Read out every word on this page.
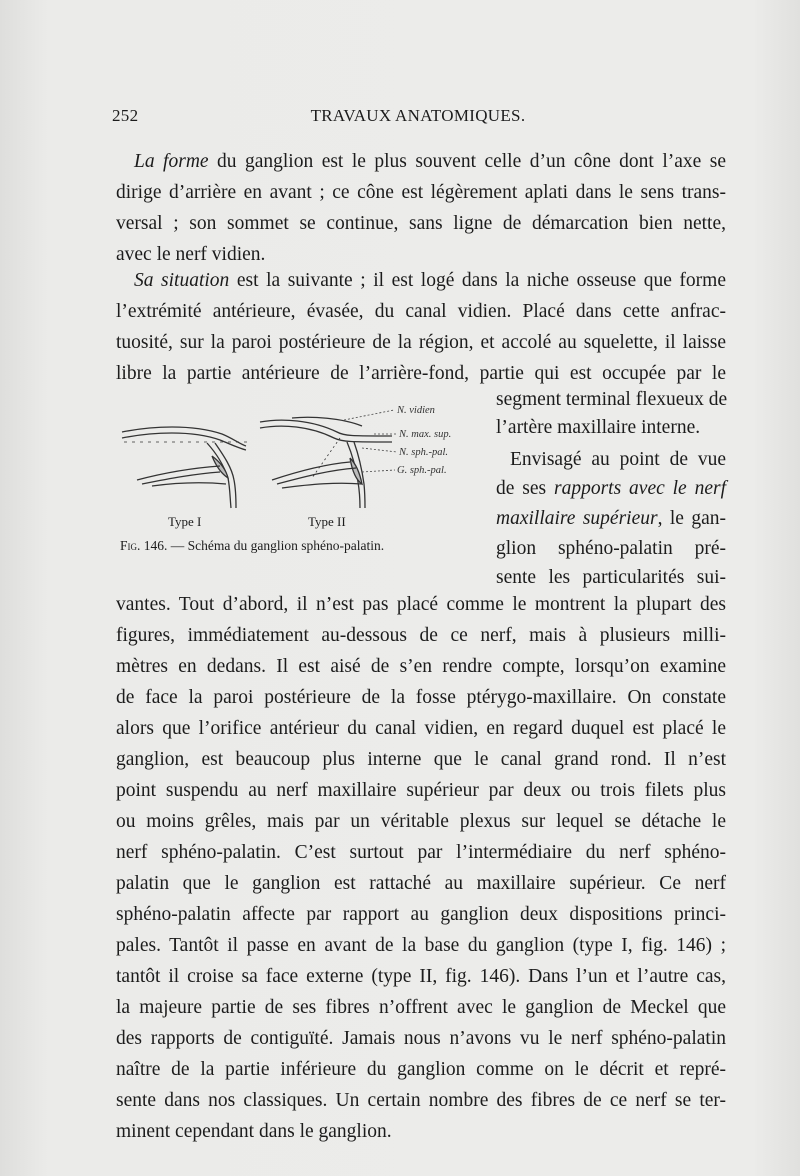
252	TRAVAUX ANATOMIQUES.
La forme du ganglion est le plus souvent celle d’un cône dont l’axe se
dirige d’arrière en avant ; ce cône est légèrement aplati dans le sens trans-
versal ; son sommet se continue, sans ligne de démarcation bien nette,
avec le nerf vidien.
Sa situation est la suivante ; il est logé dans la niche osseuse que forme
l’extrémité antérieure, évasée, du canal vidien. Placé dans cette anfrac-
tuosité, sur la paroi postérieure de la région, et accolé au squelette, il laisse
libre la partie antérieure de l’arrière-fond, partie qui est occupée par le
segment terminal flexueux de
l’artère maxillaire interne.
Envisagé au point de vue
de ses rapports avec le nerf
maxillaire supérieur, le gan-
glion sphéno-palatin pré-
sente les particularités sui-
N. vidien
N. max. sup.
N. sph.-pal.
G. sph.-pal.
Type I	Type II
Fig. 146. — Schéma du ganglion sphéno-palatin.
vantes. Tout d’abord, il n’est pas placé comme le montrent la plupart des
figures, immédiatement au-dessous de ce nerf, mais à plusieurs milli-
mètres en dedans. Il est aisé de s’en rendre compte, lorsqu’on examine
de face la paroi postérieure de la fosse ptérygo-maxillaire. On constate
alors que l’orifice antérieur du canal vidien, en regard duquel est placé le
ganglion, est beaucoup plus interne que le canal grand rond. Il n’est
point suspendu au nerf maxillaire supérieur par deux ou trois filets plus
ou moins grêles, mais par un véritable plexus sur lequel se détache le
nerf sphéno-palatin. C’est surtout par l’intermédiaire du nerf sphéno-
palatin que le ganglion est rattaché au maxillaire supérieur. Ce nerf
sphéno-palatin affecte par rapport au ganglion deux dispositions princi-
pales. Tantôt il passe en avant de la base du ganglion (type I, fig. 146) ;
tantôt il croise sa face externe (type II, fig. 146). Dans l’un et l’autre cas,
la majeure partie de ses fibres n’offrent avec le ganglion de Meckel que
des rapports de contiguïté. Jamais nous n’avons vu le nerf sphéno-palatin
naître de la partie inférieure du ganglion comme on le décrit et repré-
sente dans nos classiques. Un certain nombre des fibres de ce nerf se ter-
minent cependant dans le ganglion.
